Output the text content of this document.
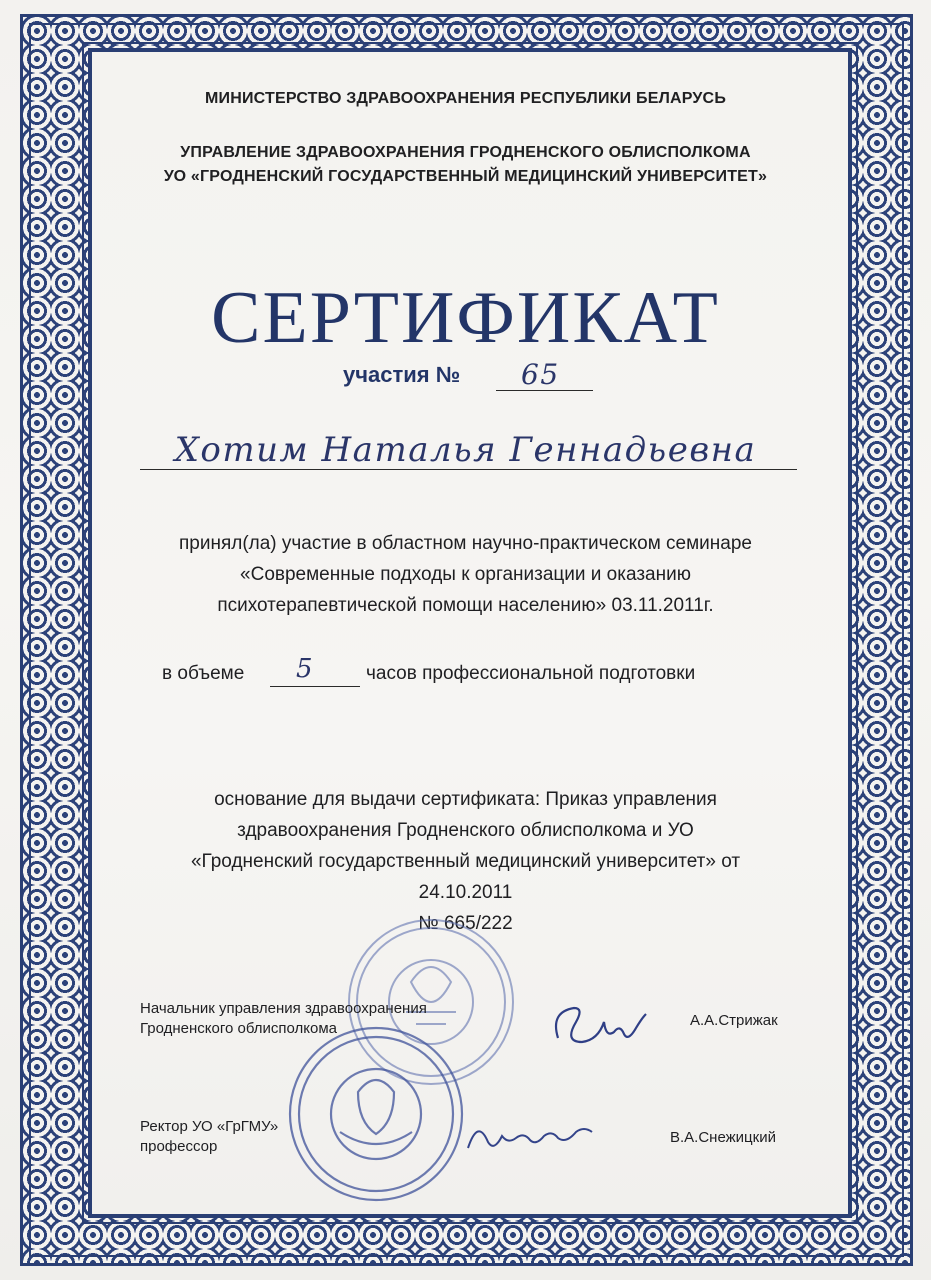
МИНИСТЕРСТВО ЗДРАВООХРАНЕНИЯ РЕСПУБЛИКИ БЕЛАРУСЬ
УПРАВЛЕНИЕ ЗДРАВООХРАНЕНИЯ ГРОДНЕНСКОГО ОБЛИСПОЛКОМА
УО «ГРОДНЕНСКИЙ ГОСУДАРСТВЕННЫЙ МЕДИЦИНСКИЙ УНИВЕРСИТЕТ»
СЕРТИФИКАТ
участия № 65
Хотим Наталья Геннадьевна
принял(ла) участие в областном научно-практическом семинаре
«Современные подходы к организации и оказанию
психотерапевтической помощи населению» 03.11.2011г.
в объеме 5	часов профессиональной подготовки
основание для выдачи сертификата: Приказ управления
здравоохранения Гродненского облисполкома и УО
«Гродненский государственный медицинский университет» от
24.10.2011
№ 665/222
Начальник управления здравоохранения
Гродненского облисполкома	А.А.Стрижак
Ректор УО «ГрГМУ»
профессор
В.А.Снежицкий
